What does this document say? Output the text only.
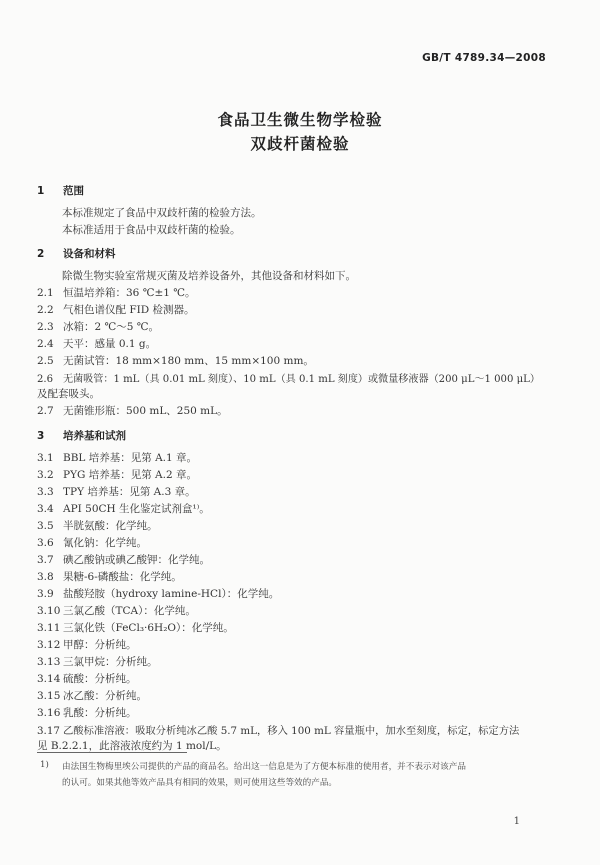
GB/T 4789.34—2008
食品卫生微生物学检验
双歧杆菌检验
1 范围
本标准规定了食品中双歧杆菌的检验方法。
本标准适用于食品中双歧杆菌的检验。
2 设备和材料
除微生物实验室常规灭菌及培养设备外，其他设备和材料如下。
2.1 恒温培养箱：36 ℃±1 ℃。
2.2 气相色谱仪配 FID 检测器。
2.3 冰箱：2 ℃～5 ℃。
2.4 天平：感量 0.1 g。
2.5 无菌试管：18 mm×180 mm、15 mm×100 mm。
2.6 无菌吸管：1 mL（具 0.01 mL 刻度）、10 mL（具 0.1 mL 刻度）或微量移液器（200 μL～1 000 μL）
及配套吸头。
2.7 无菌锥形瓶：500 mL、250 mL。
3 培养基和试剂
3.1 BBL 培养基：见第 A.1 章。
3.2 PYG 培养基：见第 A.2 章。
3.3 TPY 培养基：见第 A.3 章。
3.4 API 50CH 生化鉴定试剂盒¹⁾。
3.5 半胱氨酸：化学纯。
3.6 氰化钠：化学纯。
3.7 碘乙酸钠或碘乙酸钾：化学纯。
3.8 果糖-6-磷酸盐：化学纯。
3.9 盐酸羟胺（hydroxy lamine-HCl）：化学纯。
3.10 三氯乙酸（TCA）：化学纯。
3.11 三氯化铁（FeCl₃·6H₂O）：化学纯。
3.12 甲醇：分析纯。
3.13 三氯甲烷：分析纯。
3.14 硫酸：分析纯。
3.15 冰乙酸：分析纯。
3.16 乳酸：分析纯。
3.17 乙酸标准溶液：吸取分析纯冰乙酸 5.7 mL，移入 100 mL 容量瓶中，加水至刻度，标定，标定方法
见 B.2.2.1，此溶液浓度约为 1 mol/L。
1) 由法国生物梅里埃公司提供的产品的商品名。给出这一信息是为了方便本标准的使用者，并不表示对该产品
的认可。如果其他等效产品具有相同的效果，则可使用这些等效的产品。
1
